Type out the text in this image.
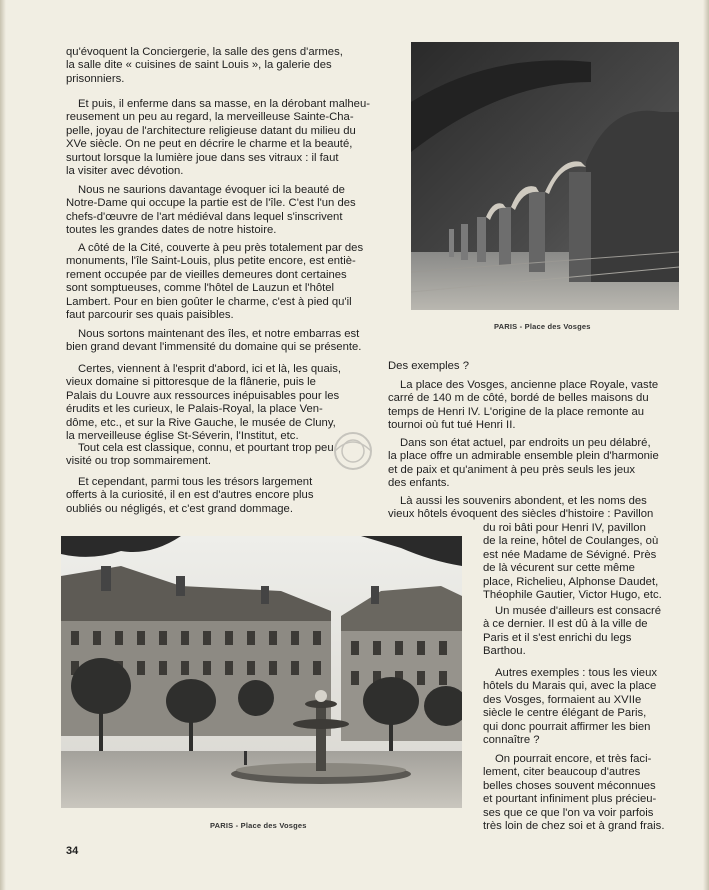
qu'évoquent la Conciergerie, la salle des gens d'armes,
la salle dite « cuisines de saint Louis », la galerie des
prisonniers.

Et puis, il enferme dans sa masse, en la dérobant malheu-
reusement un peu au regard, la merveilleuse Sainte-Cha-
pelle, joyau de l'architecture religieuse datant du milieu du
XVe siècle. On ne peut en décrire le charme et la beauté,
surtout lorsque la lumière joue dans ses vitraux : il faut
la visiter avec dévotion.

Nous ne saurions davantage évoquer ici la beauté de
Notre-Dame qui occupe la partie est de l'île. C'est l'un des
chefs-d'œuvre de l'art médiéval dans lequel s'inscrivent
toutes les grandes dates de notre histoire.

A côté de la Cité, couverte à peu près totalement par des
monuments, l'île Saint-Louis, plus petite encore, est entiè-
rement occupée par de vieilles demeures dont certaines
sont somptueuses, comme l'hôtel de Lauzun et l'hôtel
Lambert. Pour en bien goûter le charme, c'est à pied qu'il
faut parcourir ses quais paisibles.

Nous sortons maintenant des îles, et notre embarras est
bien grand devant l'immensité du domaine qui se présente.

Certes, viennent à l'esprit d'abord, ici et là, les quais,
vieux domaine si pittoresque de la flânerie, puis le
Palais du Louvre aux ressources inépuisables pour les
érudits et les curieux, le Palais-Royal, la place Ven-
dôme, etc., et sur la Rive Gauche, le musée de Cluny,
la merveilleuse église St-Séverin, l'Institut, etc.

Tout cela est classique, connu, et pourtant trop peu
visité ou trop sommairement.

Et cependant, parmi tous les trésors largement
offerts à la curiosité, il en est d'autres encore plus
oubliés ou négligés, et c'est grand dommage.

PARIS - Place des Vosges

Des exemples ?

La place des Vosges, ancienne place Royale, vaste
carré de 140 m de côté, bordé de belles maisons du
temps de Henri IV. L'origine de la place remonte au
tournoi où fut tué Henri II.

Dans son état actuel, par endroits un peu délabré,
la place offre un admirable ensemble plein d'harmonie
et de paix et qu'animent à peu près seuls les jeux
des enfants.

Là aussi les souvenirs abondent, et les noms des
vieux hôtels évoquent des siècles d'histoire : Pavillon

du roi bâti pour Henri IV, pavillon
de la reine, hôtel de Coulanges, où
est née Madame de Sévigné. Près
de là vécurent sur cette même
place, Richelieu, Alphonse Daudet,
Théophile Gautier, Victor Hugo, etc.

PARIS - Place des Vosges

Un musée d'ailleurs est consacré
à ce dernier. Il est dû à la ville de
Paris et il s'est enrichi du legs
Barthou.

Autres exemples : tous les vieux
hôtels du Marais qui, avec la place
des Vosges, formaient au XVIIe
siècle le centre élégant de Paris,
qui donc pourrait affirmer les bien
connaître ?

On pourrait encore, et très faci-
lement, citer beaucoup d'autres
belles choses souvent méconnues
et pourtant infiniment plus précieu-
ses que ce que l'on va voir parfois
très loin de chez soi et à grand frais.

34
